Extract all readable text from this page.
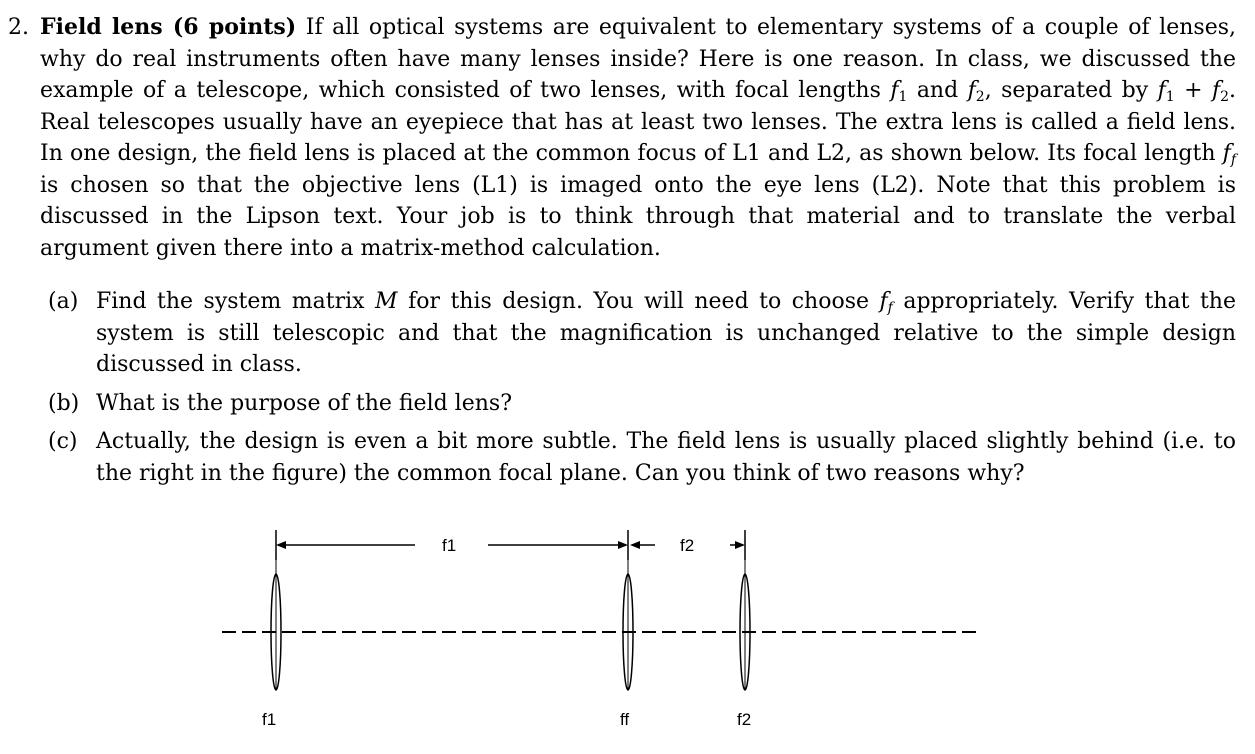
2. Field lens (6 points) If all optical systems are equivalent to elementary systems of a couple of lenses, why do real instruments often have many lenses inside? Here is one reason. In class, we discussed the example of a telescope, which consisted of two lenses, with focal lengths $f_1$ and $f_2$, separated by $f_1 + f_2$. Real telescopes usually have an eyepiece that has at least two lenses. The extra lens is called a field lens. In one design, the field lens is placed at the common focus of L1 and L2, as shown below. Its focal length $f_f$ is chosen so that the objective lens (L1) is imaged onto the eye lens (L2). Note that this problem is discussed in the Lipson text. Your job is to think through that material and to translate the verbal argument given there into a matrix-method calculation.
(a) Find the system matrix M for this design. You will need to choose $f_f$ appropriately. Verify that the system is still telescopic and that the magnification is unchanged relative to the simple design discussed in class.
(b) What is the purpose of the field lens?
(c) Actually, the design is even a bit more subtle. The field lens is usually placed slightly behind (i.e. to the right in the figure) the common focal plane. Can you think of two reasons why?
f1	f2
f1	ff	f2
